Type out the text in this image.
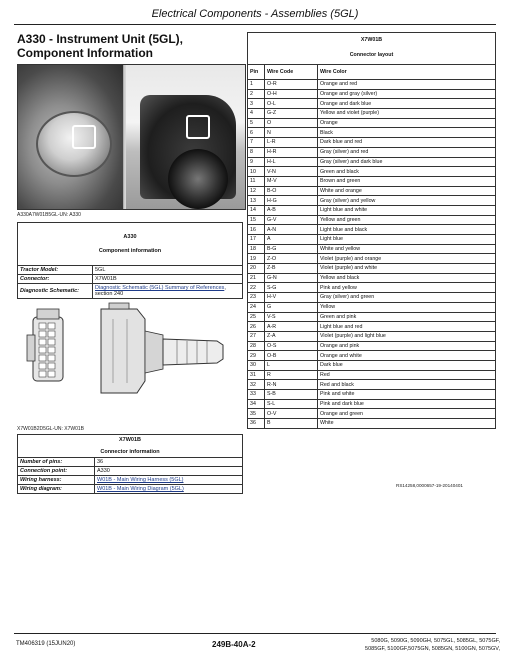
Electrical Components - Assemblies (5GL)
A330 - Instrument Unit (5GL), Component Information
A330A7W01B5GL-UN: A330
A330
Component information	

Tractor Model:	5GL
Connector:	X7W01B
Diagnostic Schematic:	Diagnostic Schematic (5GL) Summary of References, section 240
X7W01B2D5GL-UN: X7W01B
X7W01B
Connector information	

Number of pins:	36
Connection point:	A330
Wiring harness:	W01B - Main Wiring Harness (5GL)
Wiring diagram:	W01B - Main Wiring Diagram (5GL)
X7W01B
Connector layout		

Pin	Wire Code	Wire Color
1	O-R	Orange and red
2	O-H	Orange and gray (silver)
3	O-L	Orange and dark blue
4	G-Z	Yellow and violet (purple)
5	O	Orange
6	N	Black
7	L-R	Dark blue and red
8	H-R	Gray (silver) and red
9	H-L	Gray (silver) and dark blue
10	V-N	Green and black
11	M-V	Brown and green
12	B-O	White and orange
13	H-G	Gray (silver) and yellow
14	A-B	Light blue and white
15	G-V	Yellow and green
16	A-N	Light blue and black
17	A	Light blue
18	B-G	White and yellow
19	Z-O	Violet (purple) and orange
20	Z-B	Violet (purple) and white
21	G-N	Yellow and black
22	S-G	Pink and yellow
23	H-V	Gray (silver) and green
24	G	Yellow
25	V-S	Green and pink
26	A-R	Light blue and red
27	Z-A	Violet (purple) and light blue
28	O-S	Orange and pink
29	O-B	Orange and white
30	L	Dark blue
31	R	Red
32	R-N	Red and black
33	S-B	Pink and white
34	S-L	Pink and dark blue
35	O-V	Orange and green
36	B	White
RS14258,0000657-19-20140401
TM406319 (15JUN20)	249B-40A-2	5080G, 5090G, 5090GH, 5075GL, 5085GL, 5075GF,
5085GF, 5100GF,5075GN, 5085GN, 5100GN, 5075GV,
